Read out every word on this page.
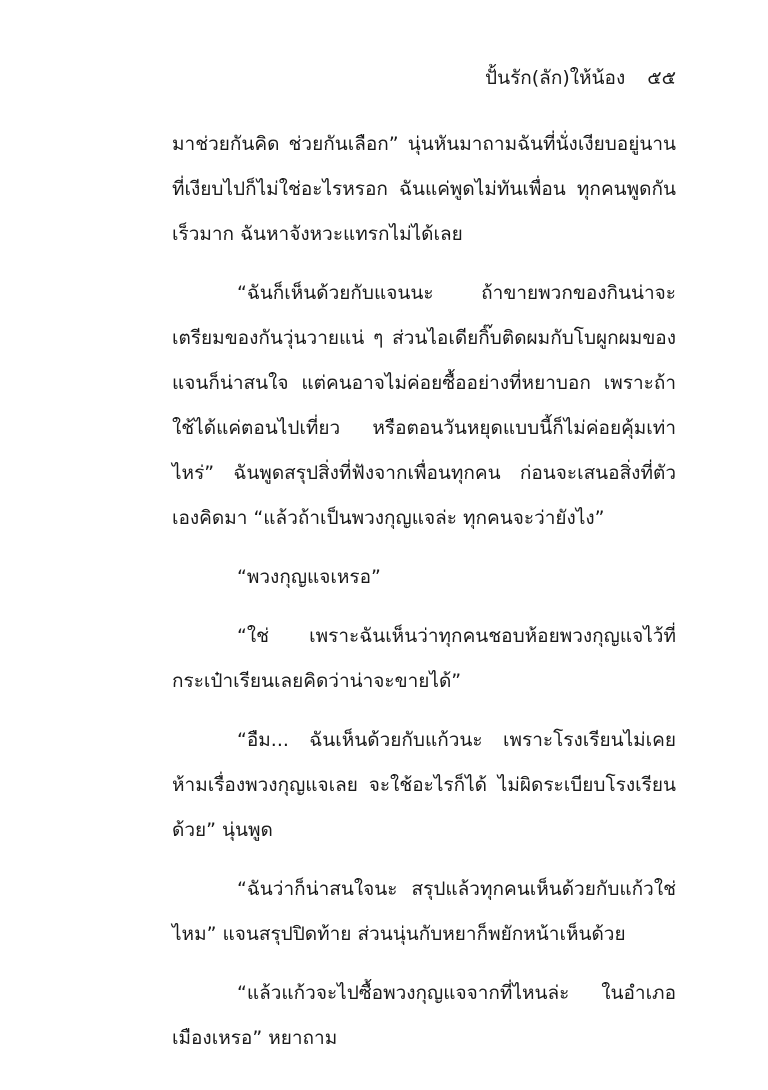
ปั้นรัก(ลัก)ให้น้อง ๕๕

มาช่วยกันคิด ช่วยกันเลือก” นุ่นหันมาถามฉันที่นั่งเงียบอยู่นาน ที่เงียบไปก็ไม่ใช่อะไรหรอก ฉันแค่พูดไม่ทันเพื่อน ทุกคนพูดกันเร็วมาก ฉันหาจังหวะแทรกไม่ได้เลย

“ฉันก็เห็นด้วยกับแจนนะ ถ้าขายพวกของกินน่าจะเตรียมของกันวุ่นวายแน่ ๆ ส่วนไอเดียกิ๊บติดผมกับโบผูกผมของแจนก็น่าสนใจ แต่คนอาจไม่ค่อยซื้ออย่างที่หยาบอก เพราะถ้าใช้ได้แค่ตอนไปเที่ยว หรือตอนวันหยุดแบบนี้ก็ไม่ค่อยคุ้มเท่าไหร่” ฉันพูดสรุปสิ่งที่ฟังจากเพื่อนทุกคน ก่อนจะเสนอสิ่งที่ตัวเองคิดมา “แล้วถ้าเป็นพวงกุญแจล่ะ ทุกคนจะว่ายังไง”

“พวงกุญแจเหรอ”

“ใช่ เพราะฉันเห็นว่าทุกคนชอบห้อยพวงกุญแจไว้ที่กระเป๋าเรียนเลยคิดว่าน่าจะขายได้”

“อืม... ฉันเห็นด้วยกับแก้วนะ เพราะโรงเรียนไม่เคยห้ามเรื่องพวงกุญแจเลย จะใช้อะไรก็ได้ ไม่ผิดระเบียบโรงเรียนด้วย” นุ่นพูด

“ฉันว่าก็น่าสนใจนะ สรุปแล้วทุกคนเห็นด้วยกับแก้วใช่ไหม” แจนสรุปปิดท้าย ส่วนนุ่นกับหยาก็พยักหน้าเห็นด้วย

“แล้วแก้วจะไปซื้อพวงกุญแจจากที่ไหนล่ะ ในอำเภอเมืองเหรอ” หยาถาม
